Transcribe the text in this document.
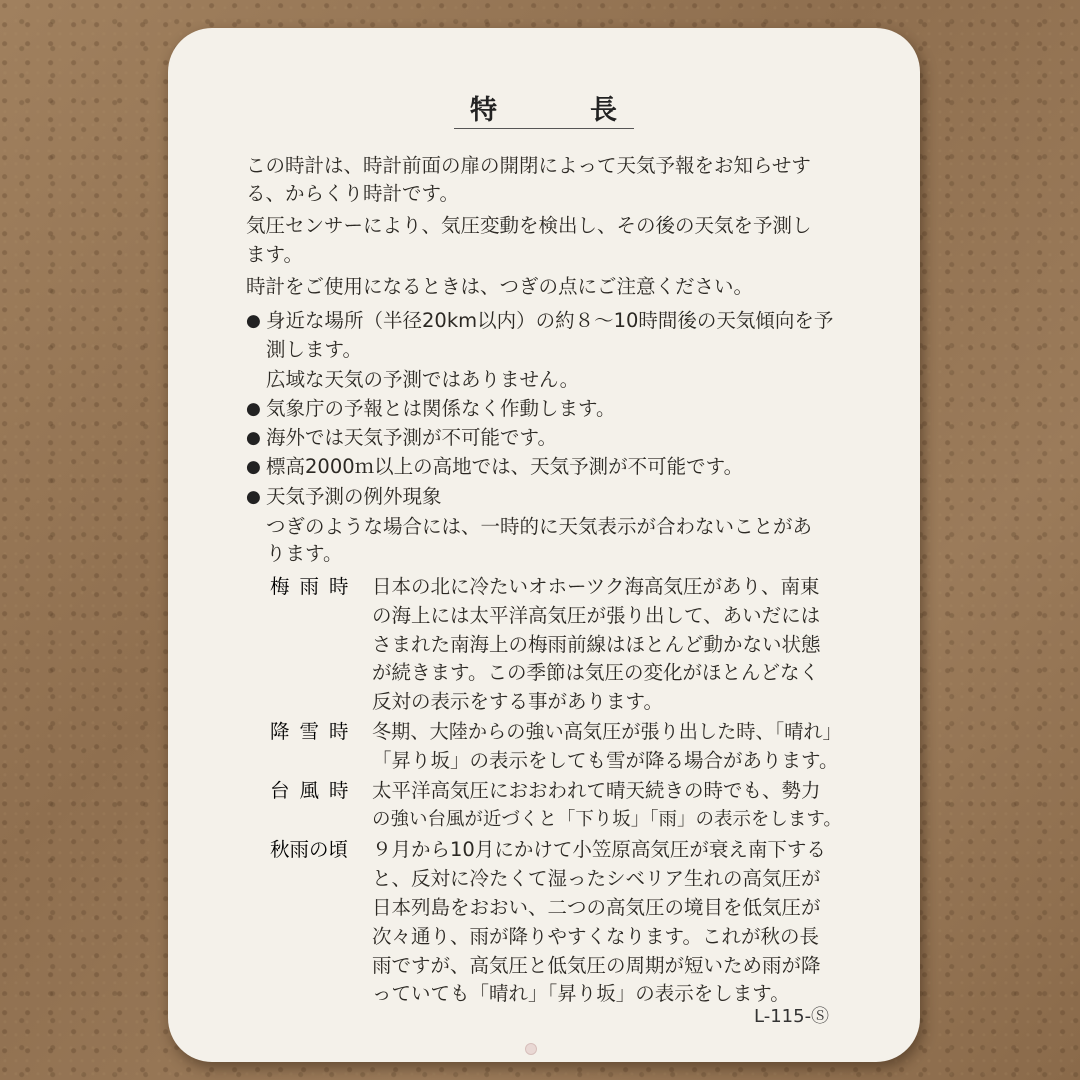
特	長
この時計は、時計前面の扉の開閉によって天気予報をお知らせす
る、からくり時計です。
気圧センサーにより、気圧変動を検出し、その後の天気を予測し
ます。
時計をご使用になるときは、つぎの点にご注意ください。
● 身近な場所（半径20km以内）の約８～10時間後の天気傾向を予
測します。
広域な天気の予測ではありません。
● 気象庁の予報とは関係なく作動します。
● 海外では天気予測が不可能です。
● 標高2000ｍ以上の高地では、天気予測が不可能です。
● 天気予測の例外現象
つぎのような場合には、一時的に天気表示が合わないことがあ
ります。
梅雨時 日本の北に冷たいオホーツク海高気圧があり、南東
の海上には太平洋高気圧が張り出して、あいだには
さまれた南海上の梅雨前線はほとんど動かない状態
が続きます。この季節は気圧の変化がほとんどなく
反対の表示をする事があります。
降雪時 冬期、大陸からの強い高気圧が張り出した時、「晴れ」
「昇り坂」の表示をしても雪が降る場合があります。
台風時 太平洋高気圧におおわれて晴天続きの時でも、勢力
の強い台風が近づくと「下り坂」「雨」の表示をします。
秋雨の頃 ９月から10月にかけて小笠原高気圧が衰え南下する
と、反対に冷たくて湿ったシベリア生れの高気圧が
日本列島をおおい、二つの高気圧の境目を低気圧が
次々通り、雨が降りやすくなります。これが秋の長
雨ですが、高気圧と低気圧の周期が短いため雨が降
っていても「晴れ」「昇り坂」の表示をします。
L-115-Ⓢ
